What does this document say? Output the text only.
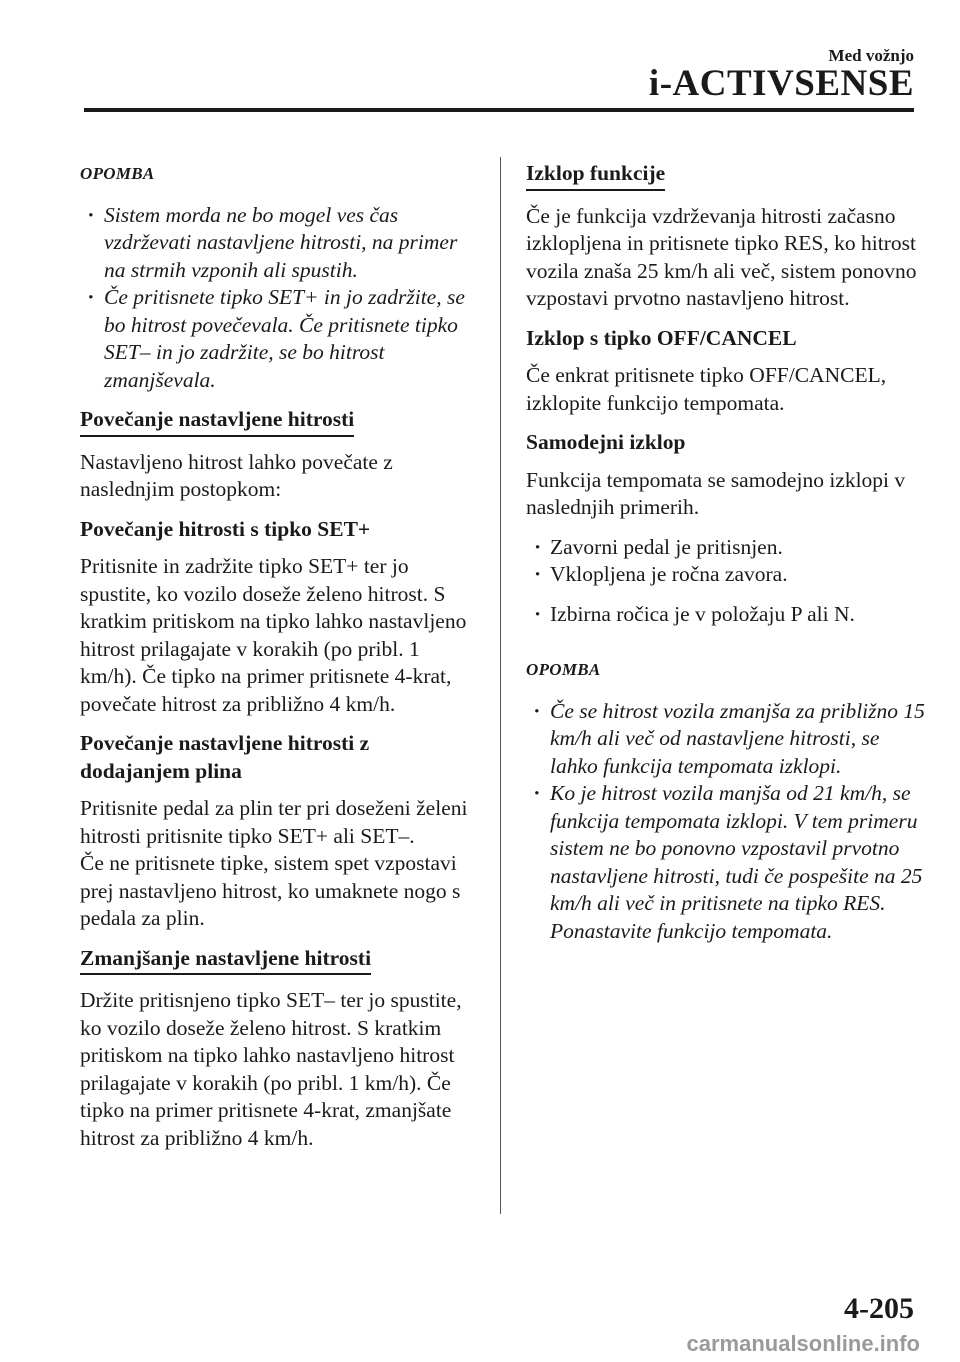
Med vožnjo
i-ACTIVSENSE
OPOMBA
· Sistem morda ne bo mogel ves čas vzdrževati nastavljene hitrosti, na primer na strmih vzponih ali spustih.
· Če pritisnete tipko SET+ in jo zadržite, se bo hitrost povečevala. Če pritisnete tipko SET– in jo zadržite, se bo hitrost zmanjševala.
Povečanje nastavljene hitrosti

Nastavljeno hitrost lahko povečate z naslednjim postopkom:

Povečanje hitrosti s tipko SET+

Pritisnite in zadržite tipko SET+ ter jo spustite, ko vozilo doseže želeno hitrost. S kratkim pritiskom na tipko lahko nastavljeno hitrost prilagajate v korakih (po pribl. 1 km/h). Če tipko na primer pritisnete 4-krat, povečate hitrost za približno 4 km/h.

Povečanje nastavljene hitrosti z dodajanjem plina

Pritisnite pedal za plin ter pri doseženi želeni hitrosti pritisnite tipko SET+ ali SET–.

Če ne pritisnete tipke, sistem spet vzpostavi prej nastavljeno hitrost, ko umaknete nogo s pedala za plin.

Zmanjšanje nastavljene hitrosti

Držite pritisnjeno tipko SET– ter jo spustite, ko vozilo doseže želeno hitrost. S kratkim pritiskom na tipko lahko nastavljeno hitrost prilagajate v korakih (po pribl. 1 km/h). Če tipko na primer pritisnete 4-krat, zmanjšate hitrost za približno 4 km/h.

Izklop funkcije

Če je funkcija vzdrževanja hitrosti začasno izklopljena in pritisnete tipko RES, ko hitrost vozila znaša 25 km/h ali več, sistem ponovno vzpostavi prvotno nastavljeno hitrost.

Izklop s tipko OFF/CANCEL

Če enkrat pritisnete tipko OFF/CANCEL, izklopite funkcijo tempomata.

Samodejni izklop

Funkcija tempomata se samodejno izklopi v naslednjih primerih.

· Zavorni pedal je pritisnjen.
· Vklopljena je ročna zavora.
· Izbirna ročica je v položaju P ali N.
OPOMBA
· Če se hitrost vozila zmanjša za približno 15 km/h ali več od nastavljene hitrosti, se lahko funkcija tempomata izklopi.
· Ko je hitrost vozila manjša od 21 km/h, se funkcija tempomata izklopi. V tem primeru sistem ne bo ponovno vzpostavil prvotno nastavljene hitrosti, tudi če pospešite na 25 km/h ali več in pritisnete na tipko RES. Ponastavite funkcijo tempomata.
4-205
carmanualsonline.info
